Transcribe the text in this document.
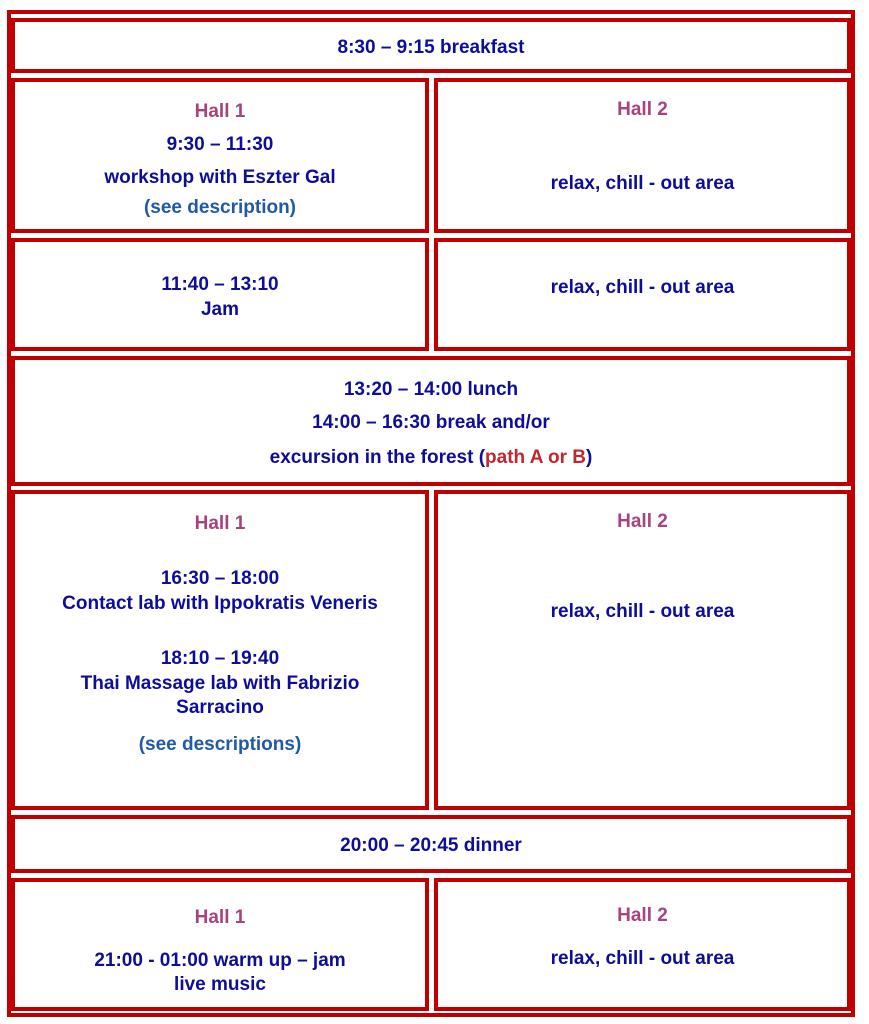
8:30 – 9:15 breakfast

Hall 1

9:30 – 11:30

workshop with Eszter Gal

(see description)

Hall 2

relax, chill - out area

11:40 – 13:10

Jam

relax, chill - out area

13:20 – 14:00 lunch

14:00 – 16:30 break and/or

excursion in the forest (path A or B)

Hall 1

16:30 – 18:00

Contact lab with Ippokratis Veneris

18:10 – 19:40

Thai Massage lab with Fabrizio

Sarracino

(see descriptions)

Hall 2

relax, chill - out area

20:00 – 20:45 dinner

Hall 1

21:00 - 01:00 warm up – jam

live music

Hall 2

relax, chill - out area
